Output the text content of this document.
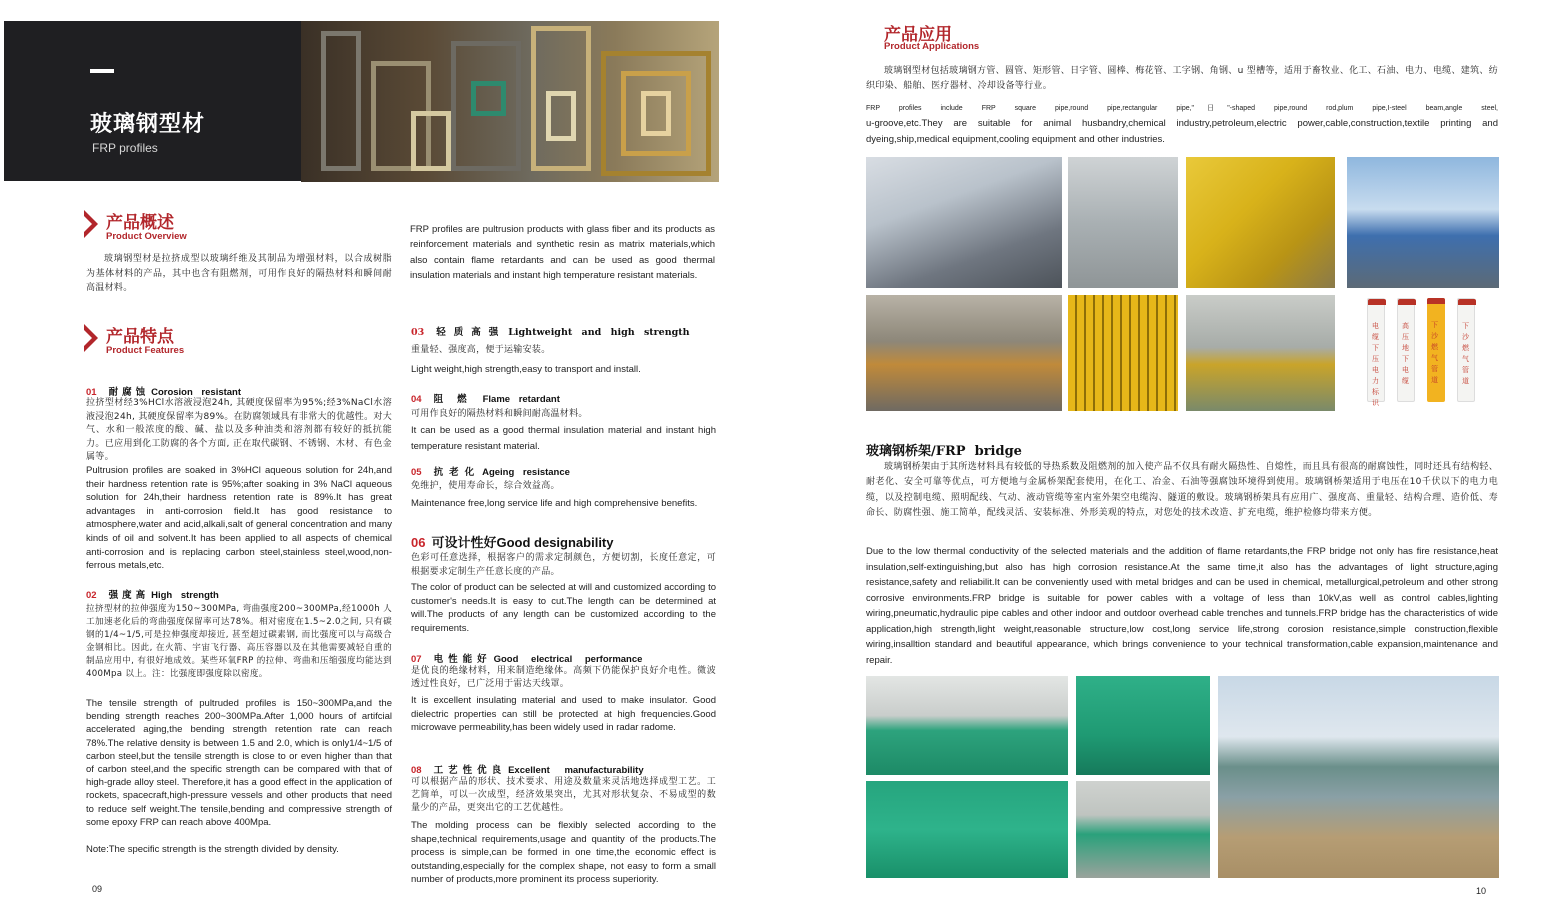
玻璃钢型材
FRP profiles
产品概述
Product Overview
玻璃钢型材是拉挤成型以玻璃纤维及其制品为增强材料，以合成树脂为基体材料的产品，其中也含有阻燃剂，可用作良好的隔热材料和瞬间耐高温材料。
FRP profiles are pultrusion products with glass fiber and its products as reinforcement materials and synthetic resin as matrix materials,which also contain flame retardants and can be used as good thermal insulation materials and instant high temperature resistant materials.
产品特点
Product Features
01 耐腐蚀 Corosion resistant
拉挤型材经3%HCl水溶液浸泡24h, 其硬度保留率为95%;经3%NaCl水溶液浸泡24h, 其硬度保留率为89%。在防腐领域具有非常大的优越性。对大气、水和一般浓度的酸、碱、盐以及多种油类和溶剂都有较好的抵抗能力。已应用到化工防腐的各个方面, 正在取代碳钢、不锈钢、木材、有色金属等。
Pultrusion profiles are soaked in 3%HCl aqueous solution for 24h,and their hardness retention rate is 95%;after soaking in 3% NaCl aqueous solution for 24h,their hardness retention rate is 89%.It has great advantages in anti-corrosion field.It has good resistance to atmosphere,water and acid,alkali,salt of general concentration and many kinds of oil and solvent.It has been applied to all aspects of chemical anti-corrosion and is replacing carbon steel,stainless steel,wood,non-ferrous metals,etc.
02 强度高 High strength
拉挤型材的拉伸强度为150~300MPa, 弯曲强度200~300MPa,经1000h 人工加速老化后的弯曲强度保留率可达78%。相对密度在1.5~2.0之间, 只有碳钢的1/4~1/5,可是拉伸强度却接近, 甚至超过碳素钢, 而比强度可以与高级合金钢相比。因此, 在火箭、宇宙飞行器、高压容器以及在其他需要减轻自重的制品应用中, 有很好地成效。某些环氧FRP 的拉伸、弯曲和压缩强度均能达到400Mpa 以上。注：比强度即强度除以密度。
The tensile strength of pultruded profiles is 150~300MPa,and the bending strength reaches 200~300MPa.After 1,000 hours of artifcial accelerated aging,the bending strength retention rate can reach 78%.The relative density is between 1.5 and 2.0, which is only1/4~1/5 of carbon steel,but the tensile strength is close to or even higher than that of carbon steel,and the specific strength can be compared with that of high-grade alloy steel. Therefore,it has a good effect in the application of rockets, spacecraft,high-pressure vessels and other products that need to reduce self weight.The tensile,bending and compressive strength of some epoxy FRP can reach above 400Mpa.
Note:The specific strength is the strength divided by density.
03 轻质高强 Lightweight and high strength
重量轻、强度高，便于运输安装。
Light weight,high strength,easy to transport and install.
04 阻燃 Flame retardant
可用作良好的隔热材料和瞬间耐高温材料。
It can be used as a good thermal insulation material and instant high temperature resistant material.
05 抗老化 Ageing resistance
免维护，使用寿命长，综合效益高。
Maintenance free,long service life and high comprehensive benefits.
06 可设计性好Good designability
色彩可任意选择，根据客户的需求定制颜色，方便切割，长度任意定，可根据要求定制生产任意长度的产品。
The color of product can be selected at will and customized according to customer's needs.It is easy to cut.The length can be determined at will.The products of any length can be customized according to the requirements.
07 电性能好 Good electrical performance
是优良的绝缘材料，用来制造绝缘体。高频下仍能保护良好介电性。微波透过性良好，已广泛用于雷达天线罩。
It is excellent insulating material and used to make insulator. Good dielectric properties can still be protected at high frequencies.Good microwave permeability,has been widely used in radar radome.
08 工艺性优良 Excellent manufacturability
可以根据产品的形状、技术要求、用途及数量来灵活地选择成型工艺。工艺简单，可以一次成型，经济效果突出，尤其对形状复杂、不易成型的数量少的产品，更突出它的工艺优越性。
The molding process can be flexibly selected according to the shape,technical requirements,usage and quantity of the products.The process is simple,can be formed in one time,the economic effect is outstanding,especially for the complex shape, not easy to form a small number of products,more prominent its process superiority.
09
产品应用
Product Applications
玻璃钢型材包括玻璃钢方管、圆管、矩形管、日字管、圆棒、梅花管、工字钢、角钢、u 型槽等，适用于畜牧业、化工、石油、电力、电缆、建筑、纺织印染、船舶、医疗器材、冷却设备等行业。
FRP profiles include FRP square pipe,round pipe,rectangular pipe,"日"-shaped pipe,round rod,plum pipe,I-steel beam,angle steel,
u-groove,etc.They are suitable for animal husbandry,chemical industry,petroleum,electric power,cable,construction,textile printing and dyeing,ship,medical equipment,cooling equipment and other industries.
电缆下压电力标识
高压地下电缆
下沙燃气管道
下沙燃气管道
玻璃钢桥架/FRP  bridge
玻璃钢桥架由于其所选材料具有较低的导热系数及阻燃剂的加入使产品不仅具有耐火隔热性、自熄性，而且具有很高的耐腐蚀性，同时还具有结构轻、耐老化、安全可靠等优点，可方便地与金属桥架配套使用，在化工、冶金、石油等强腐蚀环境得到使用。玻璃钢桥架适用于电压在10千伏以下的电力电缆，以及控制电缆、照明配线、气动、液动管缆等室内室外架空电缆沟、隧道的敷设。玻璃钢桥架具有应用广、强度高、重量轻、结构合理、造价低、寿命长、防腐性强、施工简单，配线灵活、安装标准、外形美观的特点，对您处的技术改造、扩充电缆，维护检修均带来方便。
Due to the low thermal conductivity of the selected materials and the addition of flame retardants,the FRP bridge not only has fire resistance,heat insulation,self-extinguishing,but also has high corrosion resistance.At the same time,it also has the advantages of light structure,aging resistance,safety and reliabilit.It can be conveniently used with metal bridges and can be used in chemical, metallurgical,petroleum and other strong corrosive environments.FRP bridge is suitable for power cables with a voltage of less than 10kV,as well as control cables,lighting wiring,pneumatic,hydraulic pipe cables and other indoor and outdoor overhead cable trenches and tunnels.FRP bridge has the characteristics of wide application,high strength,light weight,reasonable structure,low cost,long service life,strong corosion resistance,simple construction,flexible wiring,insalltion standard and beautiful appearance, which brings convenience to your technical transformation,cable expansion,maintenance and repair.
10
